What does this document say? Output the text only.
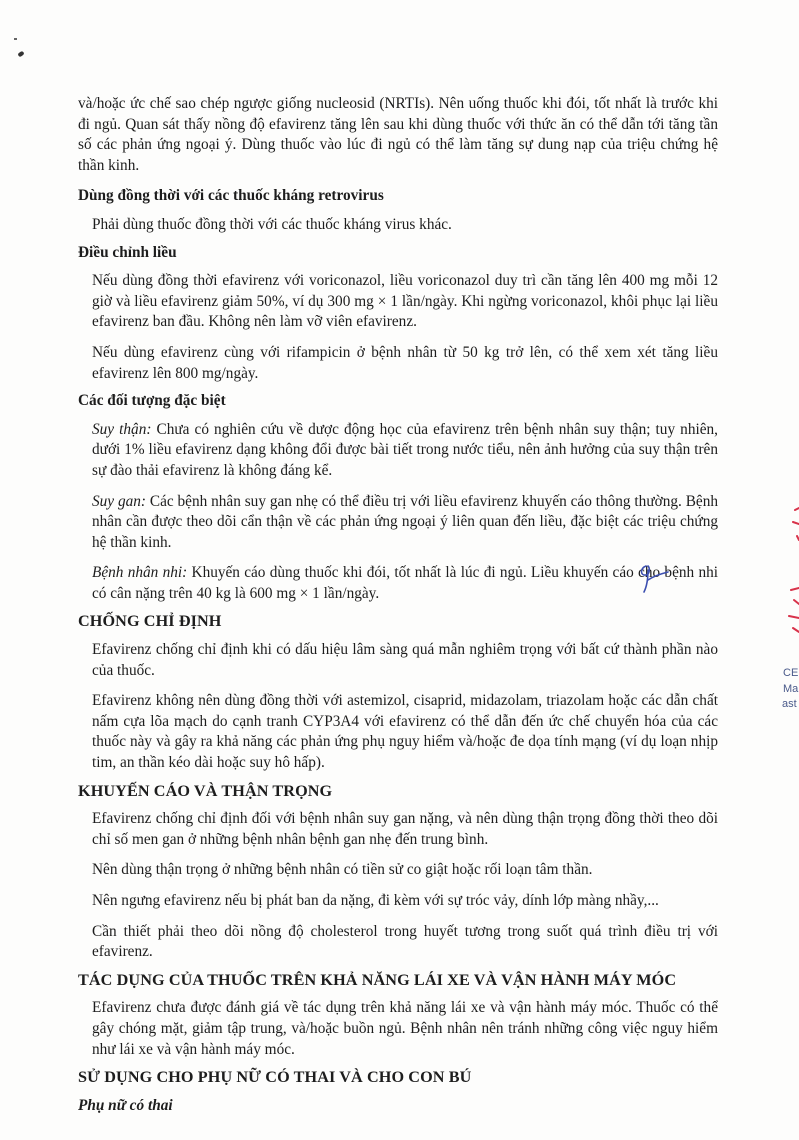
và/hoặc ức chế sao chép ngược giống nucleosid (NRTIs). Nên uống thuốc khi đói, tốt nhất là trước khi đi ngủ. Quan sát thấy nồng độ efavirenz tăng lên sau khi dùng thuốc với thức ăn có thể dẫn tới tăng tần số các phản ứng ngoại ý. Dùng thuốc vào lúc đi ngủ có thể làm tăng sự dung nạp của triệu chứng hệ thần kinh.

Dùng đồng thời với các thuốc kháng retrovirus

Phải dùng thuốc đồng thời với các thuốc kháng virus khác.

Điều chỉnh liều

Nếu dùng đồng thời efavirenz với voriconazol, liều voriconazol duy trì cần tăng lên 400 mg mỗi 12 giờ và liều efavirenz giảm 50%, ví dụ 300 mg × 1 lần/ngày. Khi ngừng voriconazol, khôi phục lại liều efavirenz ban đầu. Không nên làm vỡ viên efavirenz.

Nếu dùng efavirenz cùng với rifampicin ở bệnh nhân từ 50 kg trở lên, có thể xem xét tăng liều efavirenz lên 800 mg/ngày.

Các đối tượng đặc biệt

Suy thận: Chưa có nghiên cứu về dược động học của efavirenz trên bệnh nhân suy thận; tuy nhiên, dưới 1% liều efavirenz dạng không đổi được bài tiết trong nước tiểu, nên ảnh hưởng của suy thận trên sự đào thải efavirenz là không đáng kể.

Suy gan: Các bệnh nhân suy gan nhẹ có thể điều trị với liều efavirenz khuyến cáo thông thường. Bệnh nhân cần được theo dõi cẩn thận về các phản ứng ngoại ý liên quan đến liều, đặc biệt các triệu chứng hệ thần kinh.

Bệnh nhân nhi: Khuyến cáo dùng thuốc khi đói, tốt nhất là lúc đi ngủ. Liều khuyến cáo cho bệnh nhi có cân nặng trên 40 kg là 600 mg × 1 lần/ngày.

CHỐNG CHỈ ĐỊNH

Efavirenz chống chỉ định khi có dấu hiệu lâm sàng quá mẫn nghiêm trọng với bất cứ thành phần nào của thuốc.

Efavirenz không nên dùng đồng thời với astemizol, cisaprid, midazolam, triazolam hoặc các dẫn chất nấm cựa lõa mạch do cạnh tranh CYP3A4 với efavirenz có thể dẫn đến ức chế chuyển hóa của các thuốc này và gây ra khả năng các phản ứng phụ nguy hiểm và/hoặc đe dọa tính mạng (ví dụ loạn nhịp tim, an thần kéo dài hoặc suy hô hấp).

KHUYẾN CÁO VÀ THẬN TRỌNG

Efavirenz chống chỉ định đối với bệnh nhân suy gan nặng, và nên dùng thận trọng đồng thời theo dõi chỉ số men gan ở những bệnh nhân bệnh gan nhẹ đến trung bình.

Nên dùng thận trọng ở những bệnh nhân có tiền sử co giật hoặc rối loạn tâm thần.

Nên ngưng efavirenz nếu bị phát ban da nặng, đi kèm với sự tróc vảy, dính lớp màng nhầy,...

Cần thiết phải theo dõi nồng độ cholesterol trong huyết tương trong suốt quá trình điều trị với efavirenz.

TÁC DỤNG CỦA THUỐC TRÊN KHẢ NĂNG LÁI XE VÀ VẬN HÀNH MÁY MÓC

Efavirenz chưa được đánh giá về tác dụng trên khả năng lái xe và vận hành máy móc. Thuốc có thể gây chóng mặt, giảm tập trung, và/hoặc buồn ngủ. Bệnh nhân nên tránh những công việc nguy hiểm như lái xe và vận hành máy móc.

SỬ DỤNG CHO PHỤ NỮ CÓ THAI VÀ CHO CON BÚ
Phụ nữ có thai
CE
Ma
ast
